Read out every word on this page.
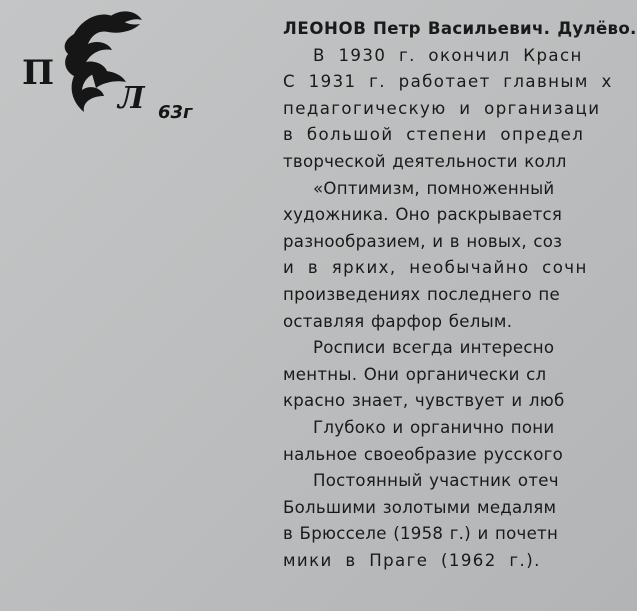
П
Л 63г
ЛЕОНОВ Петр Васильевич. Дулёво.
В 1930 г. окончил Красн
С 1931 г. работает главным х
педагогическую и организаци
в большой степени определ
творческой деятельности колл
«Оптимизм, помноженный
художника. Оно раскрывается
разнообразием, и в новых, соз
и в ярких, необычайно сочн
произведениях последнего пе
оставляя фарфор белым.
Росписи всегда интересно
ментны. Они органически сл
красно знает, чувствует и люб
Глубоко и органично пони
нальное своеобразие русского
Постоянный участник отеч
Большими золотыми медалям
в Брюсселе (1958 г.) и почетн
мики в Праге (1962 г.).
